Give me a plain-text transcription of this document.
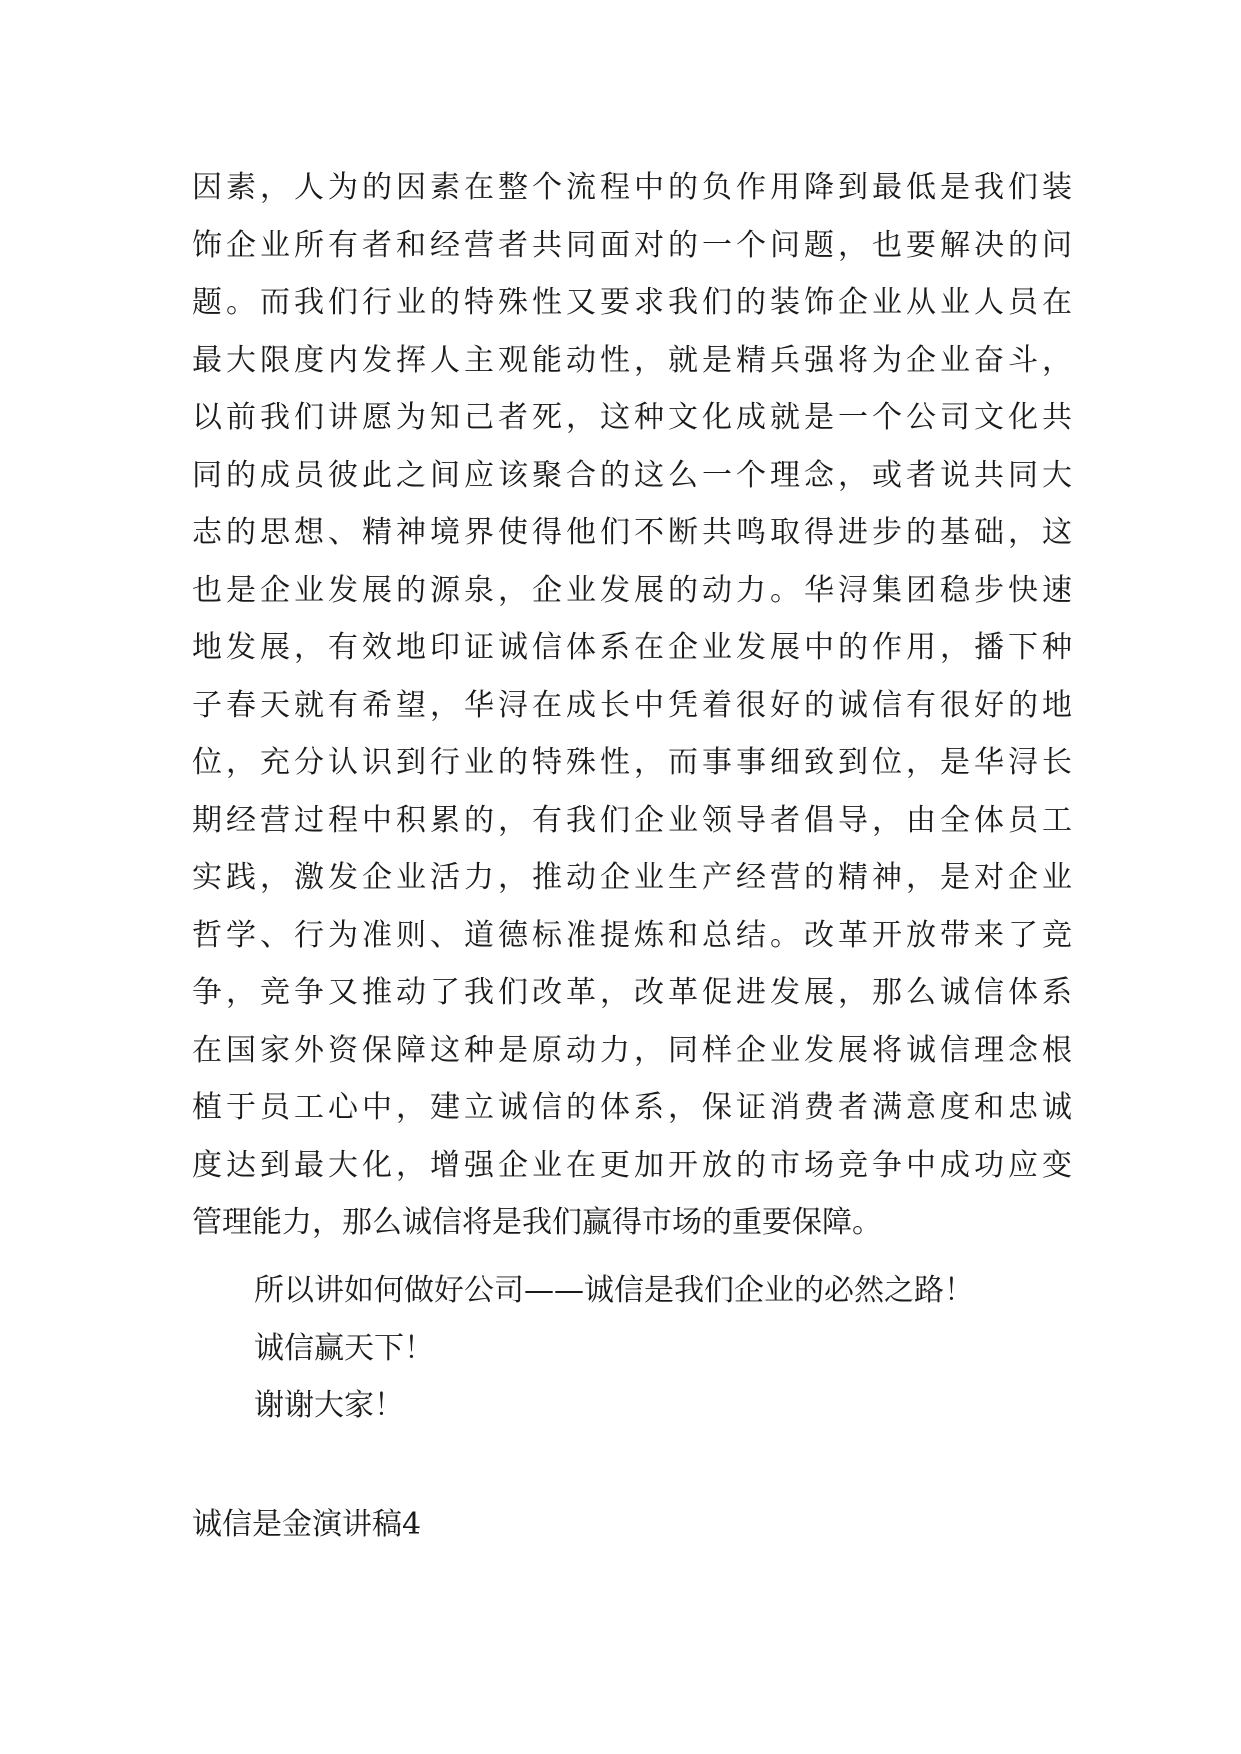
因素，人为的因素在整个流程中的负作用降到最低是我们装
饰企业所有者和经营者共同面对的一个问题，也要解决的问
题。而我们行业的特殊性又要求我们的装饰企业从业人员在
最大限度内发挥人主观能动性，就是精兵强将为企业奋斗，
以前我们讲愿为知己者死，这种文化成就是一个公司文化共
同的成员彼此之间应该聚合的这么一个理念，或者说共同大
志的思想、精神境界使得他们不断共鸣取得进步的基础，这
也是企业发展的源泉，企业发展的动力。华浔集团稳步快速
地发展，有效地印证诚信体系在企业发展中的作用，播下种
子春天就有希望，华浔在成长中凭着很好的诚信有很好的地
位，充分认识到行业的特殊性，而事事细致到位，是华浔长
期经营过程中积累的，有我们企业领导者倡导，由全体员工
实践，激发企业活力，推动企业生产经营的精神，是对企业
哲学、行为准则、道德标准提炼和总结。改革开放带来了竞
争，竞争又推动了我们改革，改革促进发展，那么诚信体系
在国家外资保障这种是原动力，同样企业发展将诚信理念根
植于员工心中，建立诚信的体系，保证消费者满意度和忠诚
度达到最大化，增强企业在更加开放的市场竞争中成功应变
管理能力，那么诚信将是我们赢得市场的重要保障。
所以讲如何做好公司——诚信是我们企业的必然之路！
诚信赢天下！
谢谢大家！
诚信是金演讲稿4
